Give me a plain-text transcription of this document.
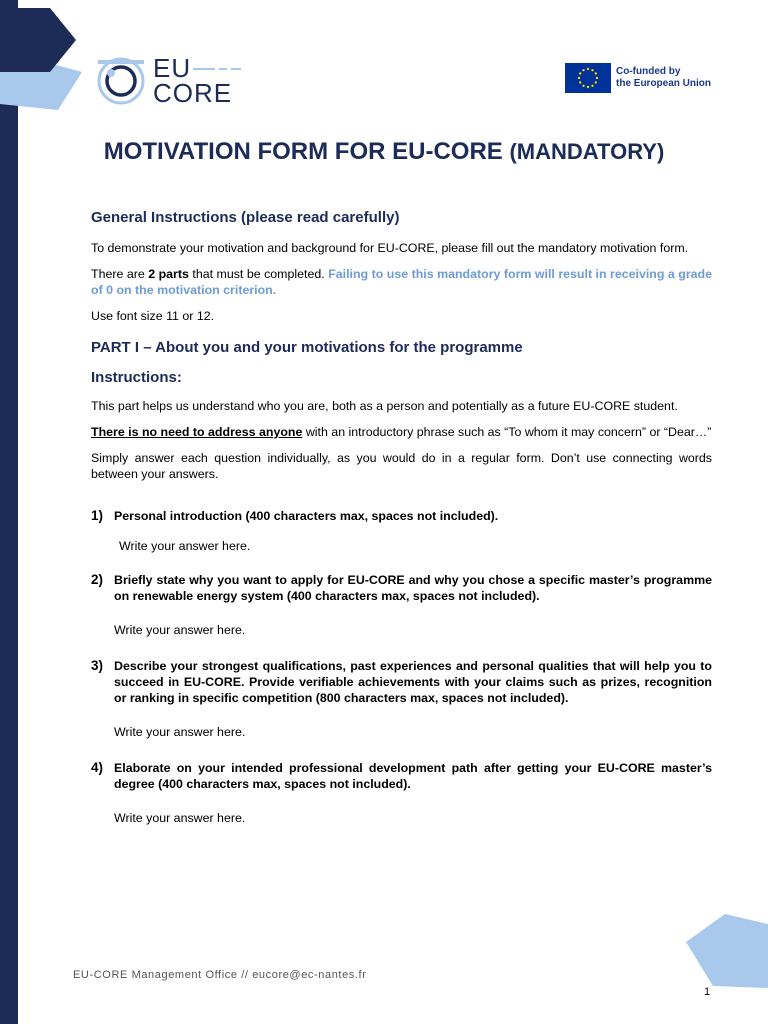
EU
CORE
Co-funded by
the European Union
MOTIVATION FORM FOR EU-CORE (MANDATORY)
General Instructions (please read carefully)

To demonstrate your motivation and background for EU-CORE, please fill out the mandatory motivation form.

There are 2 parts that must be completed. Failing to use this mandatory form will result in receiving a grade of 0 on the motivation criterion.

Use font size 11 or 12.

PART I – About you and your motivations for the programme
Instructions:

This part helps us understand who you are, both as a person and potentially as a future EU-CORE student.

There is no need to address anyone with an introductory phrase such as “To whom it may concern” or “Dear…”

Simply answer each question individually, as you would do in a regular form. Don’t use connecting words between your answers.

1) Personal introduction (400 characters max, spaces not included).

Write your answer here.

2) Briefly state why you want to apply for EU-CORE and why you chose a specific master’s programme on renewable energy system (400 characters max, spaces not included).

Write your answer here.

3) Describe your strongest qualifications, past experiences and personal qualities that will help you to succeed in EU-CORE. Provide verifiable achievements with your claims such as prizes, recognition or ranking in specific competition (800 characters max, spaces not included).

Write your answer here.

4) Elaborate on your intended professional development path after getting your EU-CORE master’s degree (400 characters max, spaces not included).

Write your answer here.

EU-CORE Management Office // eucore@ec-nantes.fr
1
